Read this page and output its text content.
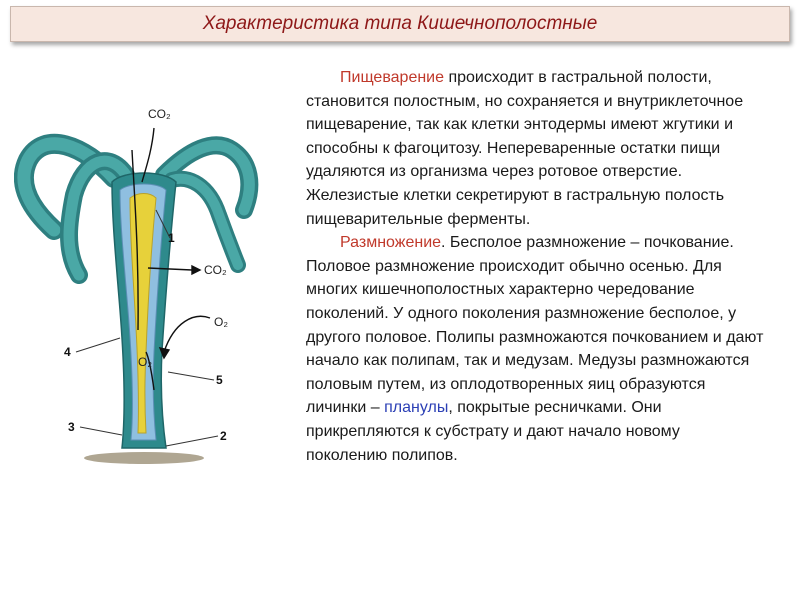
Характеристика типа Кишечнополостные
CO₂
CO₂
O₂
O₂
1
4
5
3
2

Пищеварение происходит в гастральной полости, становится полостным, но сохраняется и внутриклеточное пищеварение, так как клетки энтодермы имеют жгутики и способны к фагоцитозу. Непереваренные остатки пищи удаляются из организма через ротовое отверстие. Железистые клетки секретируют в гастральную полость пищеварительные ферменты.

Размножение. Бесполое размножение – почкование. Половое размножение происходит обычно осенью. Для многих кишечнополостных характерно чередование поколений. У одного поколения размножение бесполое, у другого половое. Полипы размножаются почкованием и дают начало как полипам, так и медузам. Медузы размножаются половым путем, из оплодотворенных яиц образуются личинки – планулы, покрытые ресничками. Они прикрепляются к субстрату и дают начало новому поколению полипов.
